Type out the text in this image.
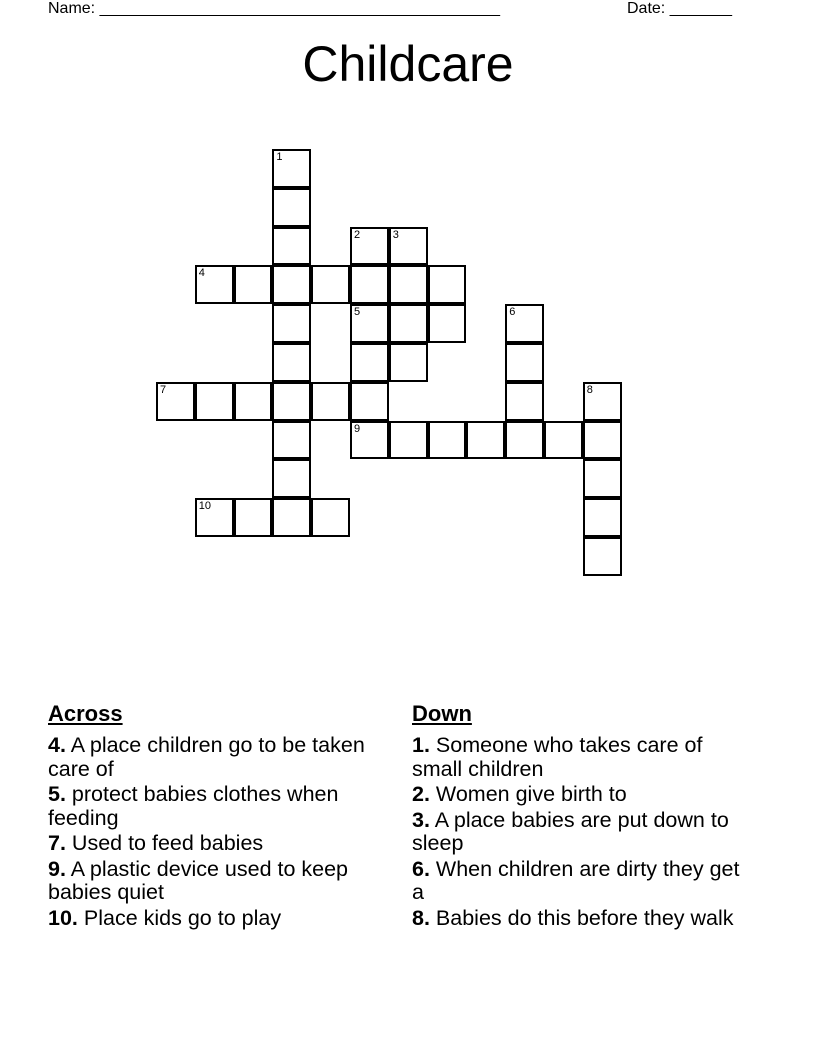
Name: _____________________________________________	Date: _______
Childcare
1
2	3
4
5	6
7	8
9
10
Across
4. A place children go to be taken care of
5. protect babies clothes when feeding
7. Used to feed babies
9. A plastic device used to keep babies quiet
10. Place kids go to play
Down
1. Someone who takes care of small children
2. Women give birth to
3. A place babies are put down to sleep
6. When children are dirty they get a
8. Babies do this before they walk
